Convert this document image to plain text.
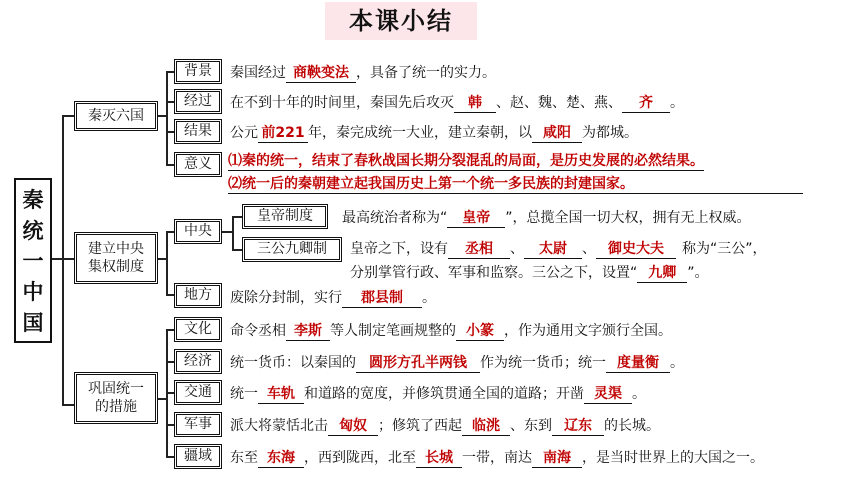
本课小结
秦
统
一
中
国
秦灭六国
建立中央集权制度
巩固统一的措施
背景
经过
结果
意义
秦国经过 商鞅变法 ，具备了统一的实力。
在不到十年的时间里，秦国先后攻灭 韩 、赵、魏、楚、燕、 齐 。
公元 前221 年，秦完成统一大业，建立秦朝，以 咸阳 为都城。
⑴秦的统一，结束了春秋战国长期分裂混乱的局面，是历史发展的必然结果。
⑵统一后的秦朝建立起我国历史上第一个统一多民族的封建国家。
中央
地方
皇帝制度
三公九卿制
最高统治者称为“ 皇帝 ”，总揽全国一切大权，拥有无上权威。
皇帝之下，设有 丞相 、 太尉 、 御史大夫 称为“三公”，
分别掌管行政、军事和监察。三公之下，设置“ 九卿 ”。
废除分封制，实行 郡县制 。
文化
经济
交通
军事
疆域
命令丞相 李斯 等人制定笔画规整的 小篆 ，作为通用文字颁行全国。
统一货币：以秦国的 圆形方孔半两钱 作为统一货币；统一 度量衡 。
统一 车轨 和道路的宽度，并修筑贯通全国的道路；开凿 灵渠 。
派大将蒙恬北击 匈奴 ；修筑了西起 临洮 、东到 辽东 的长城。
东至 东海 ，西到陇西，北至 长城 一带，南达 南海 ，是当时世界上的大国之一。
